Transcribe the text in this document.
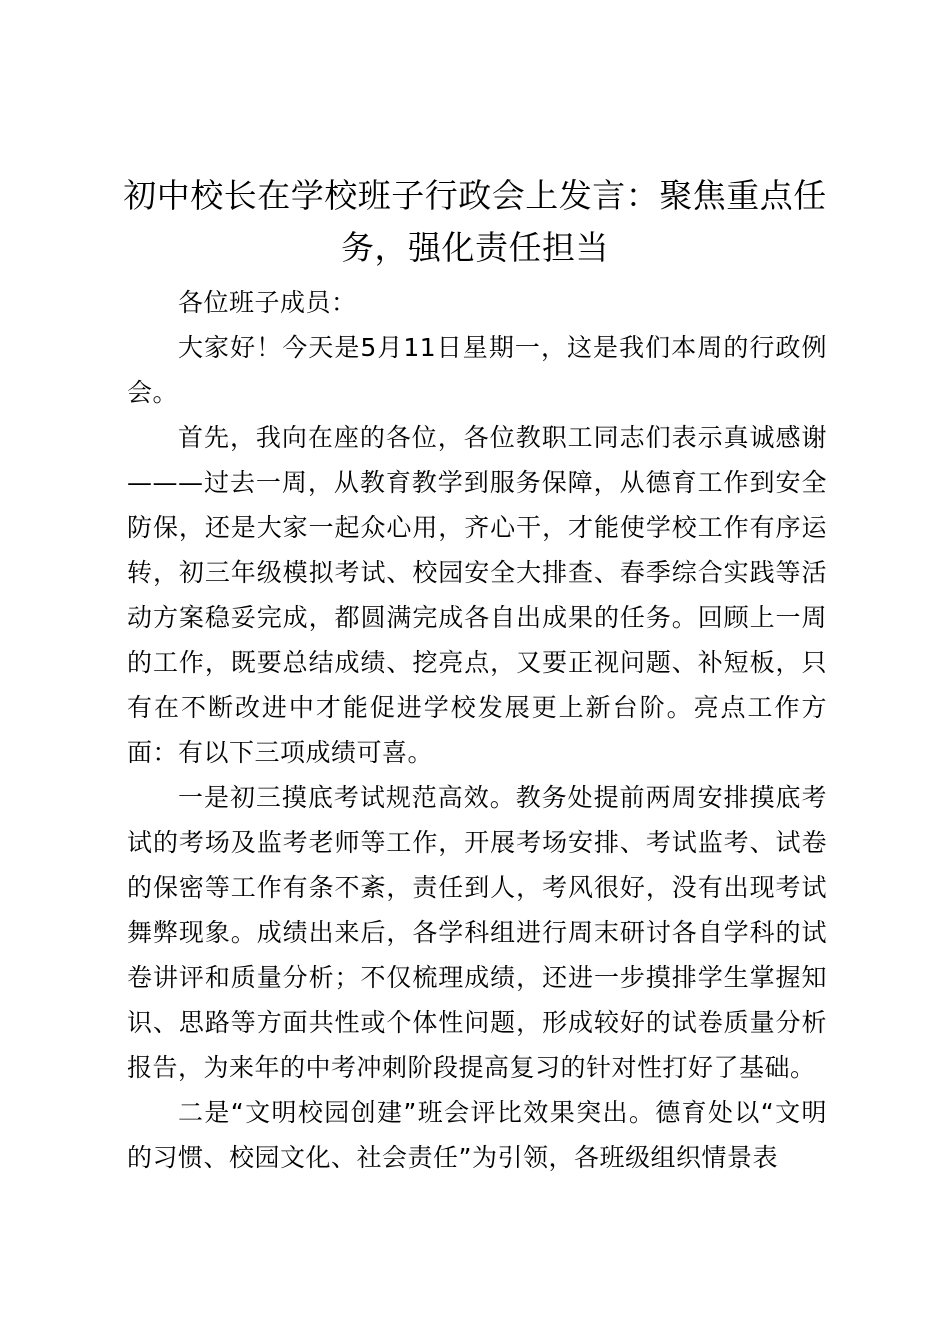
初中校长在学校班子行政会上发言：聚焦重点任务，强化责任担当

各位班子成员：

大家好！今天是5月11日星期一，这是我们本周的行政例会。

首先，我向在座的各位，各位教职工同志们表示真诚感谢———过去一周，从教育教学到服务保障，从德育工作到安全防保，还是大家一起众心用，齐心干，才能使学校工作有序运转，初三年级模拟考试、校园安全大排查、春季综合实践等活动方案稳妥完成，都圆满完成各自出成果的任务。回顾上一周的工作，既要总结成绩、挖亮点，又要正视问题、补短板，只有在不断改进中才能促进学校发展更上新台阶。亮点工作方面：有以下三项成绩可喜。

一是初三摸底考试规范高效。教务处提前两周安排摸底考试的考场及监考老师等工作，开展考场安排、考试监考、试卷的保密等工作有条不紊，责任到人，考风很好，没有出现考试舞弊现象。成绩出来后，各学科组进行周末研讨各自学科的试卷讲评和质量分析；不仅梳理成绩，还进一步摸排学生掌握知识、思路等方面共性或个体性问题，形成较好的试卷质量分析报告，为来年的中考冲刺阶段提高复习的针对性打好了基础。

二是“文明校园创建”班会评比效果突出。德育处以“文明的习惯、校园文化、社会责任”为引领，各班级组织情景表
